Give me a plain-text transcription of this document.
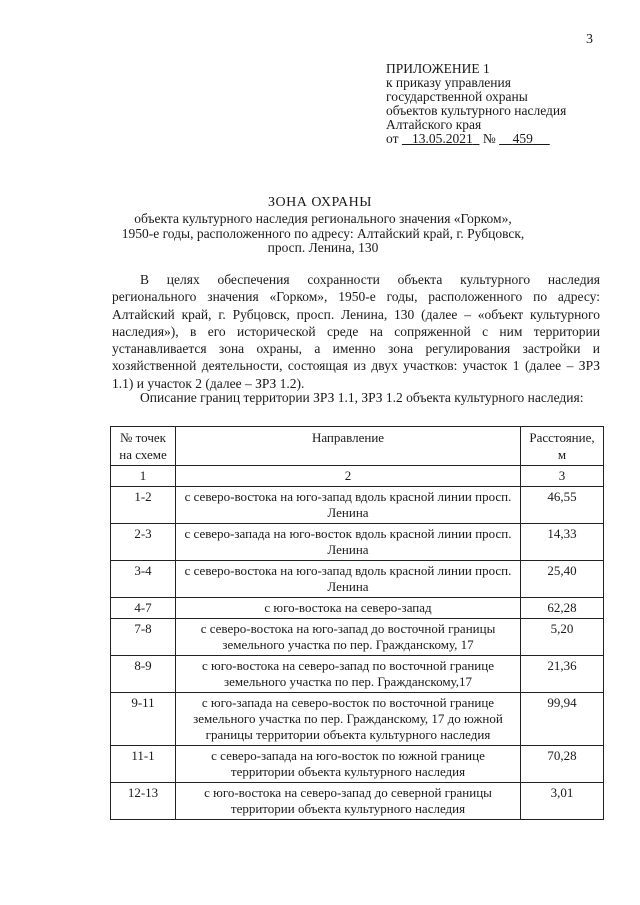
3
ПРИЛОЖЕНИЕ 1
к приказу управления
государственной охраны
объектов культурного наследия
Алтайского края
от 13.05.2021 № 459
ЗОНА ОХРАНЫ
объекта культурного наследия регионального значения «Горком», 1950-е годы, расположенного по адресу: Алтайский край, г. Рубцовск, просп. Ленина, 130

В целях обеспечения сохранности объекта культурного наследия регионального значения «Горком», 1950-е годы, расположенного по адресу: Алтайский край, г. Рубцовск, просп. Ленина, 130 (далее – «объект культурного наследия»), в его исторической среде на сопряженной с ним территории устанавливается зона охраны, а именно зона регулирования застройки и хозяйственной деятельности, состоящая из двух участков: участок 1 (далее – ЗРЗ 1.1) и участок 2 (далее – ЗРЗ 1.2).

Описание границ территории ЗРЗ 1.1, ЗРЗ 1.2 объекта культурного наследия:

№ точек на схеме	Направление	Расстояние, м
1	2	3
1-2	с северо-востока на юго-запад вдоль красной линии просп. Ленина	46,55
2-3	с северо-запада на юго-восток вдоль красной линии просп. Ленина	14,33
3-4	с северо-востока на юго-запад вдоль красной линии просп. Ленина	25,40
4-7	с юго-востока на северо-запад	62,28
7-8	с северо-востока на юго-запад до восточной границы земельного участка по пер. Гражданскому, 17	5,20
8-9	с юго-востока на северо-запад по восточной границе земельного участка по пер. Гражданскому,17	21,36
9-11	с юго-запада на северо-восток по восточной границе земельного участка по пер. Гражданскому, 17 до южной границы территории объекта культурного наследия	99,94
11-1	с северо-запада на юго-восток по южной границе территории объекта культурного наследия	70,28
12-13	с юго-востока на северо-запад до северной границы территории объекта культурного наследия	3,01
